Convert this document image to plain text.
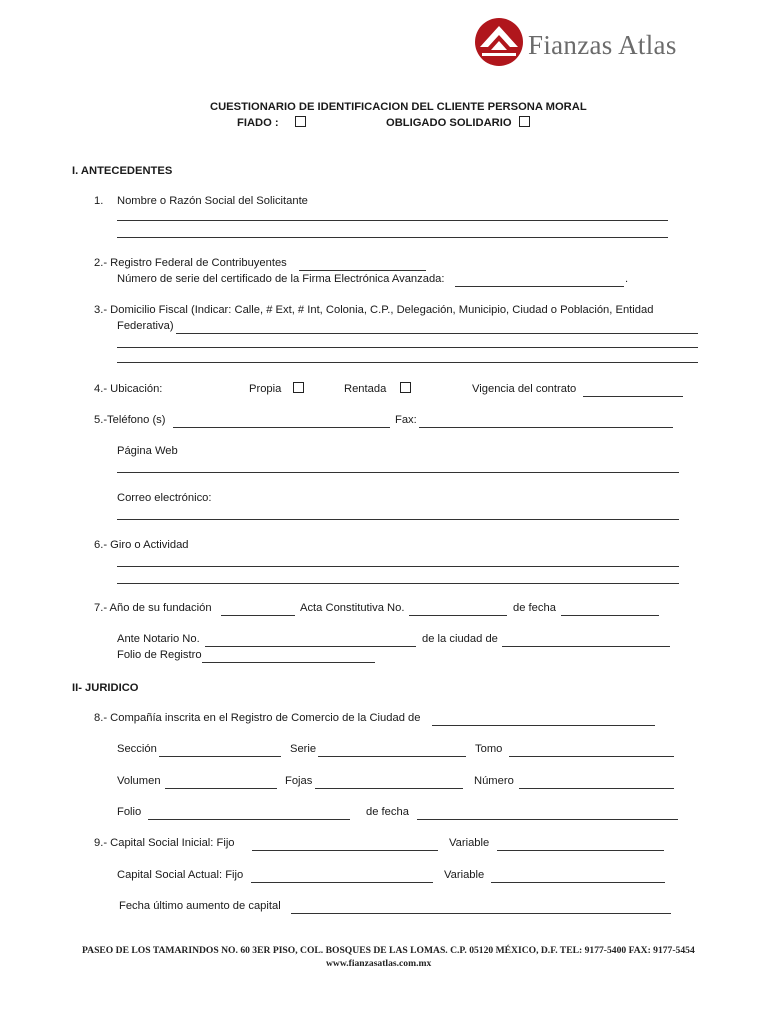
Fianzas Atlas
CUESTIONARIO DE IDENTIFICACION DEL CLIENTE PERSONA MORAL
FIADO :	OBLIGADO SOLIDARIO
I. ANTECEDENTES
1. Nombre o Razón Social del Solicitante
2.- Registro Federal de Contribuyentes
Número de serie del certificado de la Firma Electrónica Avanzada:	.
3.- Domicilio Fiscal (Indicar: Calle, # Ext, # Int, Colonia, C.P., Delegación, Municipio, Ciudad o Población, Entidad
Federativa)
4.- Ubicación:	Propia	Rentada	Vigencia del contrato
5.-Teléfono (s)	Fax:
Página Web
Correo electrónico:
6.- Giro o Actividad
7.- Año de su fundación	Acta Constitutiva No.	de fecha
Ante Notario No.	de la ciudad de
Folio de Registro
II- JURIDICO
8.- Compañía inscrita en el Registro de Comercio de la Ciudad de
Sección	Serie	Tomo
Volumen	Fojas	Número
Folio	de fecha
9.- Capital Social Inicial: Fijo	Variable
Capital Social Actual: Fijo	Variable
Fecha último aumento de capital
PASEO DE LOS TAMARINDOS NO. 60 3ER PISO, COL. BOSQUES DE LAS LOMAS. C.P. 05120 MÉXICO, D.F. TEL: 9177-5400 FAX: 9177-5454
www.fianzasatlas.com.mx
